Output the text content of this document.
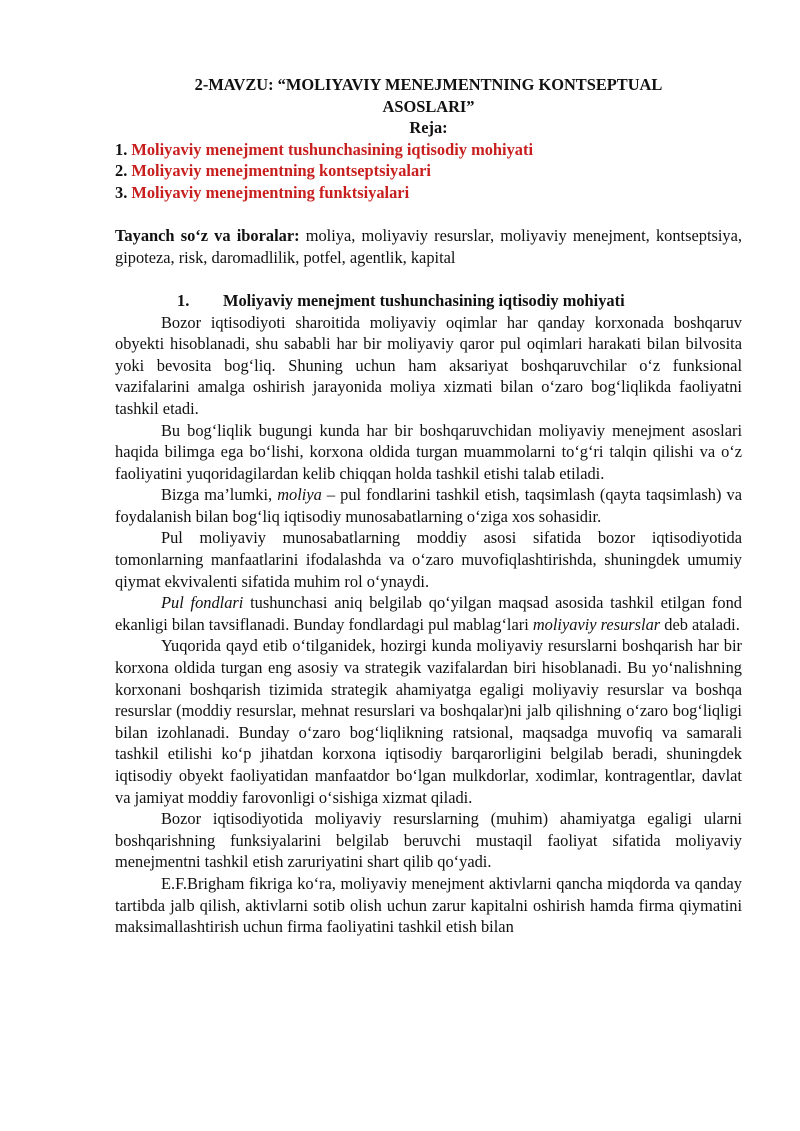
2-MAVZU: “MOLIYAVIY MENEJMENTNING KONTSEPTUAL
ASOSLARI”
Reja:
1. Moliyaviy menejment tushunchasining iqtisodiy mohiyati
2. Moliyaviy menejmentning kontseptsiyalari
3. Moliyaviy menejmentning funktsiyalari
Tayanch so‘z va iboralar: moliya, moliyaviy resurslar, moliyaviy menejment, kontseptsiya, gipoteza, risk, daromadlilik, potfel, agentlik, kapital
1. Moliyaviy menejment tushunchasining iqtisodiy mohiyati
Bozor iqtisodiyoti sharoitida moliyaviy oqimlar har qanday korxonada boshqaruv obyekti hisoblanadi, shu sababli har bir moliyaviy qaror pul oqimlari harakati bilan bilvosita yoki bevosita bog‘liq. Shuning uchun ham aksariyat boshqaruvchilar o‘z funksional vazifalarini amalga oshirish jarayonida moliya xizmati bilan o‘zaro bog‘liqlikda faoliyatni tashkil etadi.
Bu bog‘liqlik bugungi kunda har bir boshqaruvchidan moliyaviy menejment asoslari haqida bilimga ega bo‘lishi, korxona oldida turgan muammolarni to‘g‘ri talqin qilishi va o‘z faoliyatini yuqoridagilardan kelib chiqqan holda tashkil etishi talab etiladi.
Bizga ma’lumki, moliya – pul fondlarini tashkil etish, taqsimlash (qayta taqsimlash) va foydalanish bilan bog‘liq iqtisodiy munosabatlarning o‘ziga xos sohasidir.
Pul moliyaviy munosabatlarning moddiy asosi sifatida bozor iqtisodiyotida tomonlarning manfaatlarini ifodalashda va o‘zaro muvofiqlashtirishda, shuningdek umumiy qiymat ekvivalenti sifatida muhim rol o‘ynaydi.
Pul fondlari tushunchasi aniq belgilab qo‘yilgan maqsad asosida tashkil etilgan fond ekanligi bilan tavsiflanadi. Bunday fondlardagi pul mablag‘lari moliyaviy resurslar deb ataladi.
Yuqorida qayd etib o‘tilganidek, hozirgi kunda moliyaviy resurslarni boshqarish har bir korxona oldida turgan eng asosiy va strategik vazifalardan biri hisoblanadi. Bu yo‘nalishning korxonani boshqarish tizimida strategik ahamiyatga egaligi moliyaviy resurslar va boshqa resurslar (moddiy resurslar, mehnat resurslari va boshqalar)ni jalb qilishning o‘zaro bog‘liqligi bilan izohlanadi. Bunday o‘zaro bog‘liqlikning ratsional, maqsadga muvofiq va samarali tashkil etilishi ko‘p jihatdan korxona iqtisodiy barqarorligini belgilab beradi, shuningdek iqtisodiy obyekt faoliyatidan manfaatdor bo‘lgan mulkdorlar, xodimlar, kontragentlar, davlat va jamiyat moddiy farovonligi o‘sishiga xizmat qiladi.
Bozor iqtisodiyotida moliyaviy resurslarning (muhim) ahamiyatga egaligi ularni boshqarishning funksiyalarini belgilab beruvchi mustaqil faoliyat sifatida moliyaviy menejmentni tashkil etish zaruriyatini shart qilib qo‘yadi.
E.F.Brigham fikriga ko‘ra, moliyaviy menejment aktivlarni qancha miqdorda va qanday tartibda jalb qilish, aktivlarni sotib olish uchun zarur kapitalni oshirish hamda firma qiymatini maksimallashtirish uchun firma faoliyatini tashkil etish bilan
